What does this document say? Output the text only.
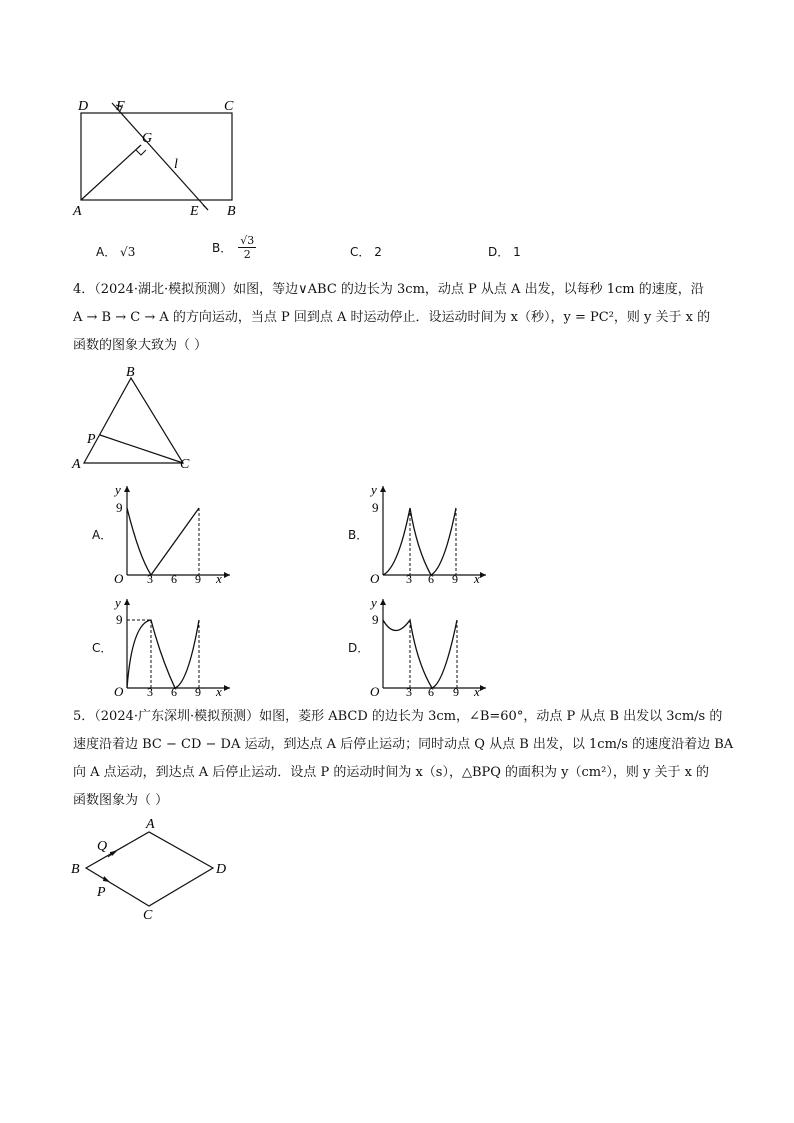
D F	C
G
l
A	E B
A． √3	B． $\frac{√3}{2}$	C． 2	D． 1
4．（2024·湖北·模拟预测）如图，等边∨ABC 的边长为 3cm，动点 P 从点 A 出发，以每秒 1cm 的速度，沿
A → B → C → A 的方向运动，当点 P 回到点 A 时运动停止．设运动时间为 x（秒），y = PC²，则 y 关于 x 的
函数的图象大致为（ ）
B
P
A	C
A．	B．
C．	D．
y
9
O 3 6 9 x
y
9
O 3 6 9 x
y
9
O 3 6 9 x
y
9
O 3 6 9 x
5．（2024·广东深圳·模拟预测）如图，菱形 ABCD 的边长为 3cm，∠B=60°，动点 P 从点 B 出发以 3cm/s 的
速度沿着边 BC − CD − DA 运动，到达点 A 后停止运动；同时动点 Q 从点 B 出发，以 1cm/s 的速度沿着边 BA
向 A 点运动，到达点 A 后停止运动．设点 P 的运动时间为 x（s），△BPQ 的面积为 y（cm²），则 y 关于 x 的
函数图象为（ ）
A
B
C
D
Q
P
